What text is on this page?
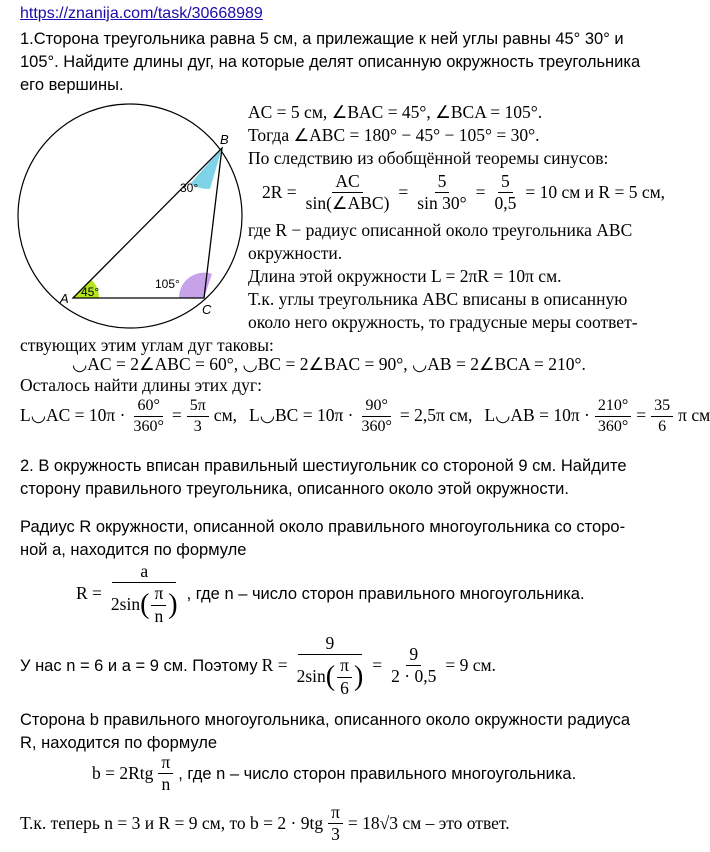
https://znanija.com/task/30668989
1.Сторона треугольника равна 5 см, а прилежащие к ней углы равны 45° 30° и
105°. Найдите длины дуг, на которые делят описанную окружность треугольника
его вершины.
A
B
C
45°
30°
105°
AC = 5 см, ∠BAC = 45°, ∠BCA = 105°.
Тогда ∠ABC = 180° − 45° − 105° = 30°.
По следствию из обобщённой теоремы синусов:
$2R = \frac{AC}{\text{sin(∠ABC)}} = \frac{5}{\sin 30^\circ} = \frac{5}{0,5} = 10$ см и R = 5 см,
где R − радиус описанной около треугольника ABC
окружности.
Длина этой окружности L = 2πR = 10π см.
Т.к. углы треугольника ABC вписаны в описанную
около него окружность, то градусные меры соответ-
ствующих этим углам дуг таковы:
◡AC = 2∠ABC = 60°, ◡BC = 2∠BAC = 90°, ◡AB = 2∠BCA = 210°.
Осталось найти длины этих дуг:
L◡AC = $10\pi \cdot \frac{60^\circ}{360^\circ} = \frac{5\pi}{3}$ см, L◡BC = $10\pi \cdot \frac{90^\circ}{360^\circ} = 2,5\pi$ см, L◡AB = $10\pi \cdot \frac{210^\circ}{360^\circ} = \frac{35}{6}$ π см
2. В окружность вписан правильный шестиугольник со стороной 9 см. Найдите
сторону правильного треугольника, описанного около этой окружности.
Радиус R окружности, описанной около правильного многоугольника со сторо-
ной a, находится по формуле
$R = \frac{a}{2\sin ( \frac{\pi}{n} )}$ , где n – число сторон правильного многоугольника.
У нас n = 6 и a = 9 см. Поэтому $R = \frac{9}{2\sin ( \frac{\pi}{6} )} = \frac{9}{2 \cdot 0,5} = 9$ см.
Сторона b правильного многоугольника, описанного около окружности радиуса
R, находится по формуле
$b = 2Rtg \frac{\pi}{n}$ , где n – число сторон правильного многоугольника.
Т.к. теперь n = 3 и R = 9 см, то $b = 2 \cdot 9tg \frac{\pi}{3} = 18√3$ см – это ответ.
